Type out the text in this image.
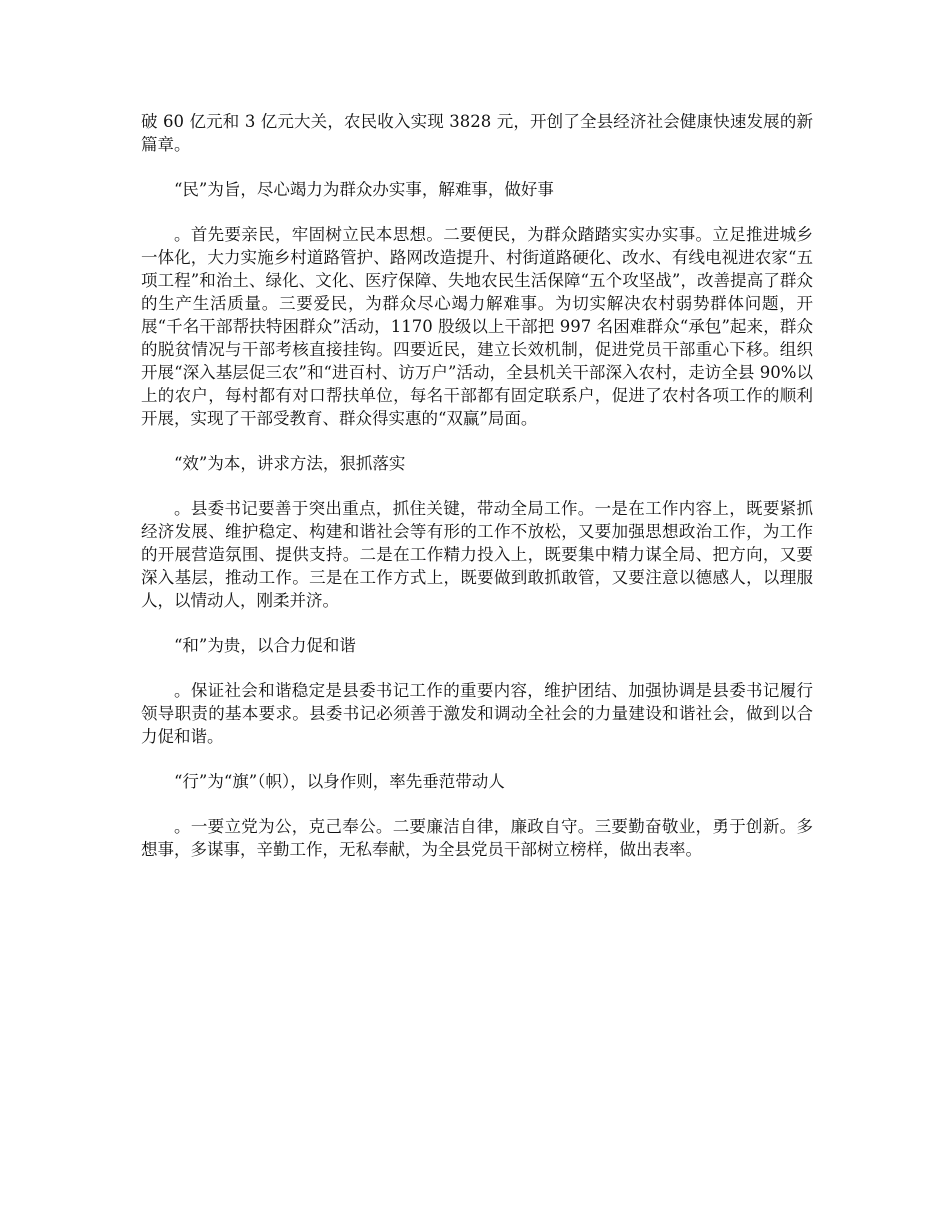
破 60 亿元和 3 亿元大关，农民收入实现 3828 元，开创了全县经济社会健康快速发展的新篇章。

“民”为旨，尽心竭力为群众办实事，解难事，做好事

。首先要亲民，牢固树立民本思想。二要便民，为群众踏踏实实办实事。立足推进城乡一体化，大力实施乡村道路管护、路网改造提升、村街道路硬化、改水、有线电视进农家“五项工程”和治土、绿化、文化、医疗保障、失地农民生活保障“五个攻坚战”，改善提高了群众的生产生活质量。三要爱民，为群众尽心竭力解难事。为切实解决农村弱势群体问题，开展“千名干部帮扶特困群众”活动，1170 股级以上干部把 997 名困难群众“承包”起来，群众的脱贫情况与干部考核直接挂钩。四要近民，建立长效机制，促进党员干部重心下移。组织开展“深入基层促三农”和“进百村、访万户”活动，全县机关干部深入农村，走访全县 90%以上的农户，每村都有对口帮扶单位，每名干部都有固定联系户，促进了农村各项工作的顺利开展，实现了干部受教育、群众得实惠的“双赢”局面。

“效”为本，讲求方法，狠抓落实

。县委书记要善于突出重点，抓住关键，带动全局工作。一是在工作内容上，既要紧抓经济发展、维护稳定、构建和谐社会等有形的工作不放松，又要加强思想政治工作，为工作的开展营造氛围、提供支持。二是在工作精力投入上，既要集中精力谋全局、把方向，又要深入基层，推动工作。三是在工作方式上，既要做到敢抓敢管，又要注意以德感人，以理服人，以情动人，刚柔并济。

“和”为贵，以合力促和谐

。保证社会和谐稳定是县委书记工作的重要内容，维护团结、加强协调是县委书记履行领导职责的基本要求。县委书记必须善于激发和调动全社会的力量建设和谐社会，做到以合力促和谐。

“行”为“旗”（帜），以身作则，率先垂范带动人

。一要立党为公，克己奉公。二要廉洁自律，廉政自守。三要勤奋敬业，勇于创新。多想事，多谋事，辛勤工作，无私奉献，为全县党员干部树立榜样，做出表率。
